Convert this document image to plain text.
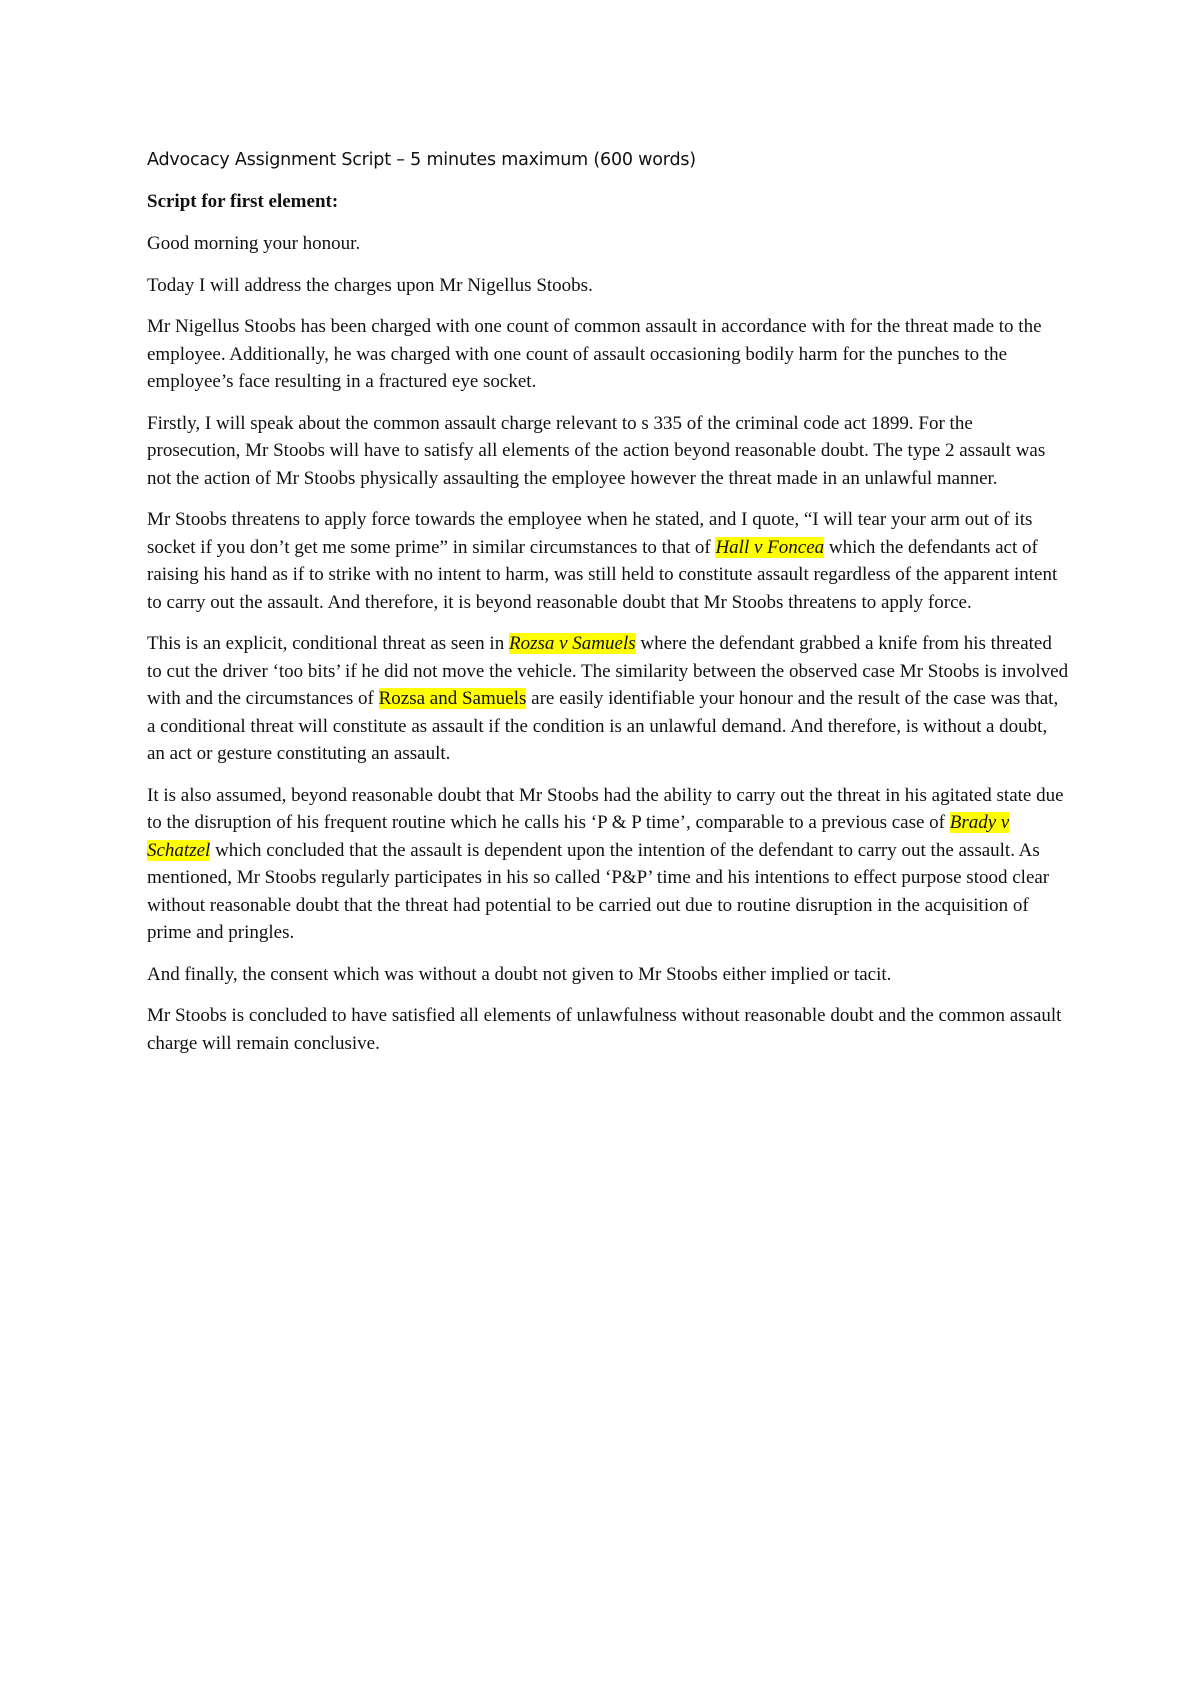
Advocacy Assignment Script – 5 minutes maximum (600 words)

Script for first element:

Good morning your honour.

Today I will address the charges upon Mr Nigellus Stoobs.

Mr Nigellus Stoobs has been charged with one count of common assault in accordance with for the threat made to the employee. Additionally, he was charged with one count of assault occasioning bodily harm for the punches to the employee’s face resulting in a fractured eye socket.

Firstly, I will speak about the common assault charge relevant to s 335 of the criminal code act 1899. For the prosecution, Mr Stoobs will have to satisfy all elements of the action beyond reasonable doubt. The type 2 assault was not the action of Mr Stoobs physically assaulting the employee however the threat made in an unlawful manner.

Mr Stoobs threatens to apply force towards the employee when he stated, and I quote, “I will tear your arm out of its socket if you don’t get me some prime” in similar circumstances to that of Hall v Foncea which the defendants act of raising his hand as if to strike with no intent to harm, was still held to constitute assault regardless of the apparent intent to carry out the assault. And therefore, it is beyond reasonable doubt that Mr Stoobs threatens to apply force.

This is an explicit, conditional threat as seen in Rozsa v Samuels where the defendant grabbed a knife from his threated to cut the driver ‘too bits’ if he did not move the vehicle. The similarity between the observed case Mr Stoobs is involved with and the circumstances of Rozsa and Samuels are easily identifiable your honour and the result of the case was that, a conditional threat will constitute as assault if the condition is an unlawful demand. And therefore, is without a doubt, an act or gesture constituting an assault.

It is also assumed, beyond reasonable doubt that Mr Stoobs had the ability to carry out the threat in his agitated state due to the disruption of his frequent routine which he calls his ‘P & P time’, comparable to a previous case of Brady v Schatzel which concluded that the assault is dependent upon the intention of the defendant to carry out the assault. As mentioned, Mr Stoobs regularly participates in his so called ‘P&P’ time and his intentions to effect purpose stood clear without reasonable doubt that the threat had potential to be carried out due to routine disruption in the acquisition of prime and pringles.

And finally, the consent which was without a doubt not given to Mr Stoobs either implied or tacit.

Mr Stoobs is concluded to have satisfied all elements of unlawfulness without reasonable doubt and the common assault charge will remain conclusive.
